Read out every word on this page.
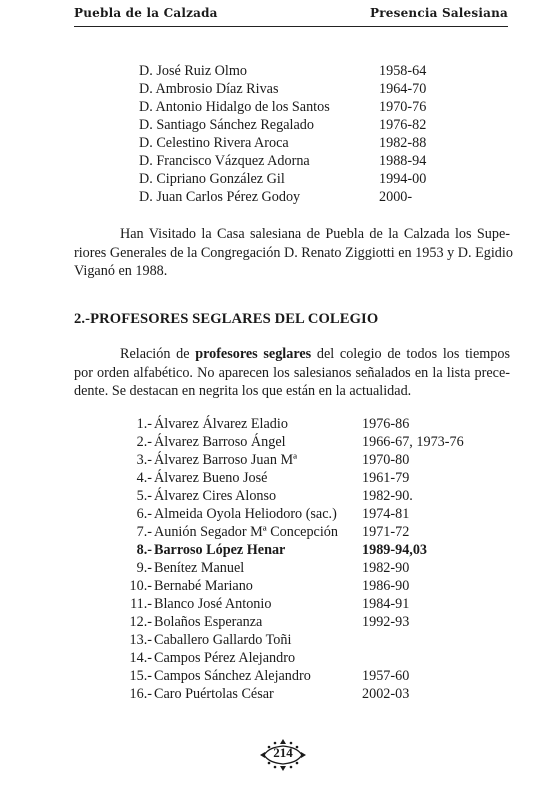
Puebla de la Calzada	Presencia Salesiana
D. José Ruiz Olmo	1958-64
D. Ambrosio Díaz Rivas	1964-70
D. Antonio Hidalgo de los Santos	1970-76
D. Santiago Sánchez Regalado	1976-82
D. Celestino Rivera Aroca	1982-88
D. Francisco Vázquez Adorna	1988-94
D. Cipriano González Gil	1994-00
D. Juan Carlos Pérez Godoy	2000-
Han Visitado la Casa salesiana de Puebla de la Calzada los Supe-
riores Generales de la Congregación D. Renato Ziggiotti en 1953 y D. Egidio
Viganó en 1988.
2.-PROFESORES SEGLARES DEL COLEGIO
Relación de profesores seglares del colegio de todos los tiempos
por orden alfabético. No aparecen los salesianos señalados en la lista prece-
dente. Se destacan en negrita los que están en la actualidad.
1.- Álvarez Álvarez Eladio	1976-86
2.- Álvarez Barroso Ángel	1966-67, 1973-76
3.- Álvarez Barroso Juan Mª	1970-80
4.- Álvarez Bueno José	1961-79
5.- Álvarez Cires Alonso	1982-90.
6.- Almeida Oyola Heliodoro (sac.) 1974-81
7.- Aunión Segador Mª Concepción 1971-72
8.- Barroso López Henar	1989-94,03
9.- Benítez Manuel	1982-90
10.- Bernabé Mariano	1986-90
11.- Blanco José Antonio	1984-91
12.- Bolaños Esperanza	1992-93
13.- Caballero Gallardo Toñi
14.- Campos Pérez Alejandro
15.- Campos Sánchez Alejandro	1957-60
16.- Caro Puértolas César	2002-03
214
